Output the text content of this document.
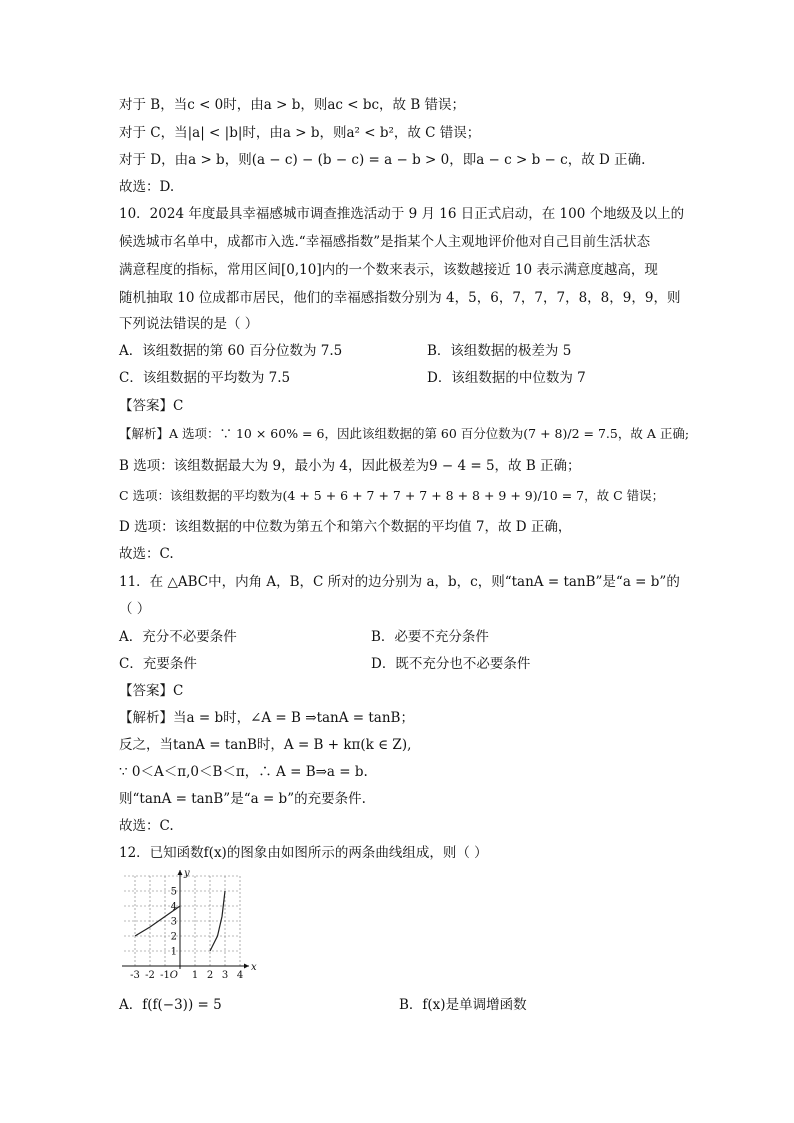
对于 B，当c < 0时，由a > b，则ac < bc，故 B 错误；
对于 C，当|a| < |b|时，由a > b，则a² < b²，故 C 错误；
对于 D，由a > b，则(a − c) − (b − c) = a − b > 0，即a − c > b − c，故 D 正确.
故选：D.
10．2024 年度最具幸福感城市调查推选活动于 9 月 16 日正式启动，在 100 个地级及以上的
候选城市名单中，成都市入选.“幸福感指数”是指某个人主观地评价他对自己目前生活状态
满意程度的指标，常用区间[0,10]内的一个数来表示，该数越接近 10 表示满意度越高，现
随机抽取 10 位成都市居民，他们的幸福感指数分别为 4，5，6，7，7，7，8，8，9，9，则
下列说法错误的是（ ）
A．该组数据的第 60 百分位数为 7.5	B．该组数据的极差为 5
C．该组数据的平均数为 7.5	D．该组数据的中位数为 7
【答案】C
【解析】A 选项：∵ 10 × 60% = 6，因此该组数据的第 60 百分位数为(7 + 8)/2 = 7.5，故 A 正确;
B 选项：该组数据最大为 9，最小为 4，因此极差为9 − 4 = 5，故 B 正确；
C 选项：该组数据的平均数为(4 + 5 + 6 + 7 + 7 + 7 + 8 + 8 + 9 + 9)/10 = 7，故 C 错误；
D 选项：该组数据的中位数为第五个和第六个数据的平均值 7，故 D 正确，
故选：C.
11．在 △ABC中，内角 A，B，C 所对的边分别为 a，b，c，则“tanA = tanB”是“a = b”的
（ ）
A．充分不必要条件	B．必要不充分条件
C．充要条件	D．既不充分也不必要条件
【答案】C
【解析】当a = b时，∠A = B ⇒tanA = tanB；
反之，当tanA = tanB时，A = B + kπ(k ∈ Z),
∵ 0＜A＜π,0＜B＜π，∴ A = B⇒a = b.
则“tanA = tanB”是“a = b”的充要条件.
故选：C.
12．已知函数f(x)的图象由如图所示的两条曲线组成，则（ ）
-3 -2 -1 1 2 3 4
1
2
3
4
5
O
x
y
A．f(f(−3)) = 5	B．f(x)是单调增函数
